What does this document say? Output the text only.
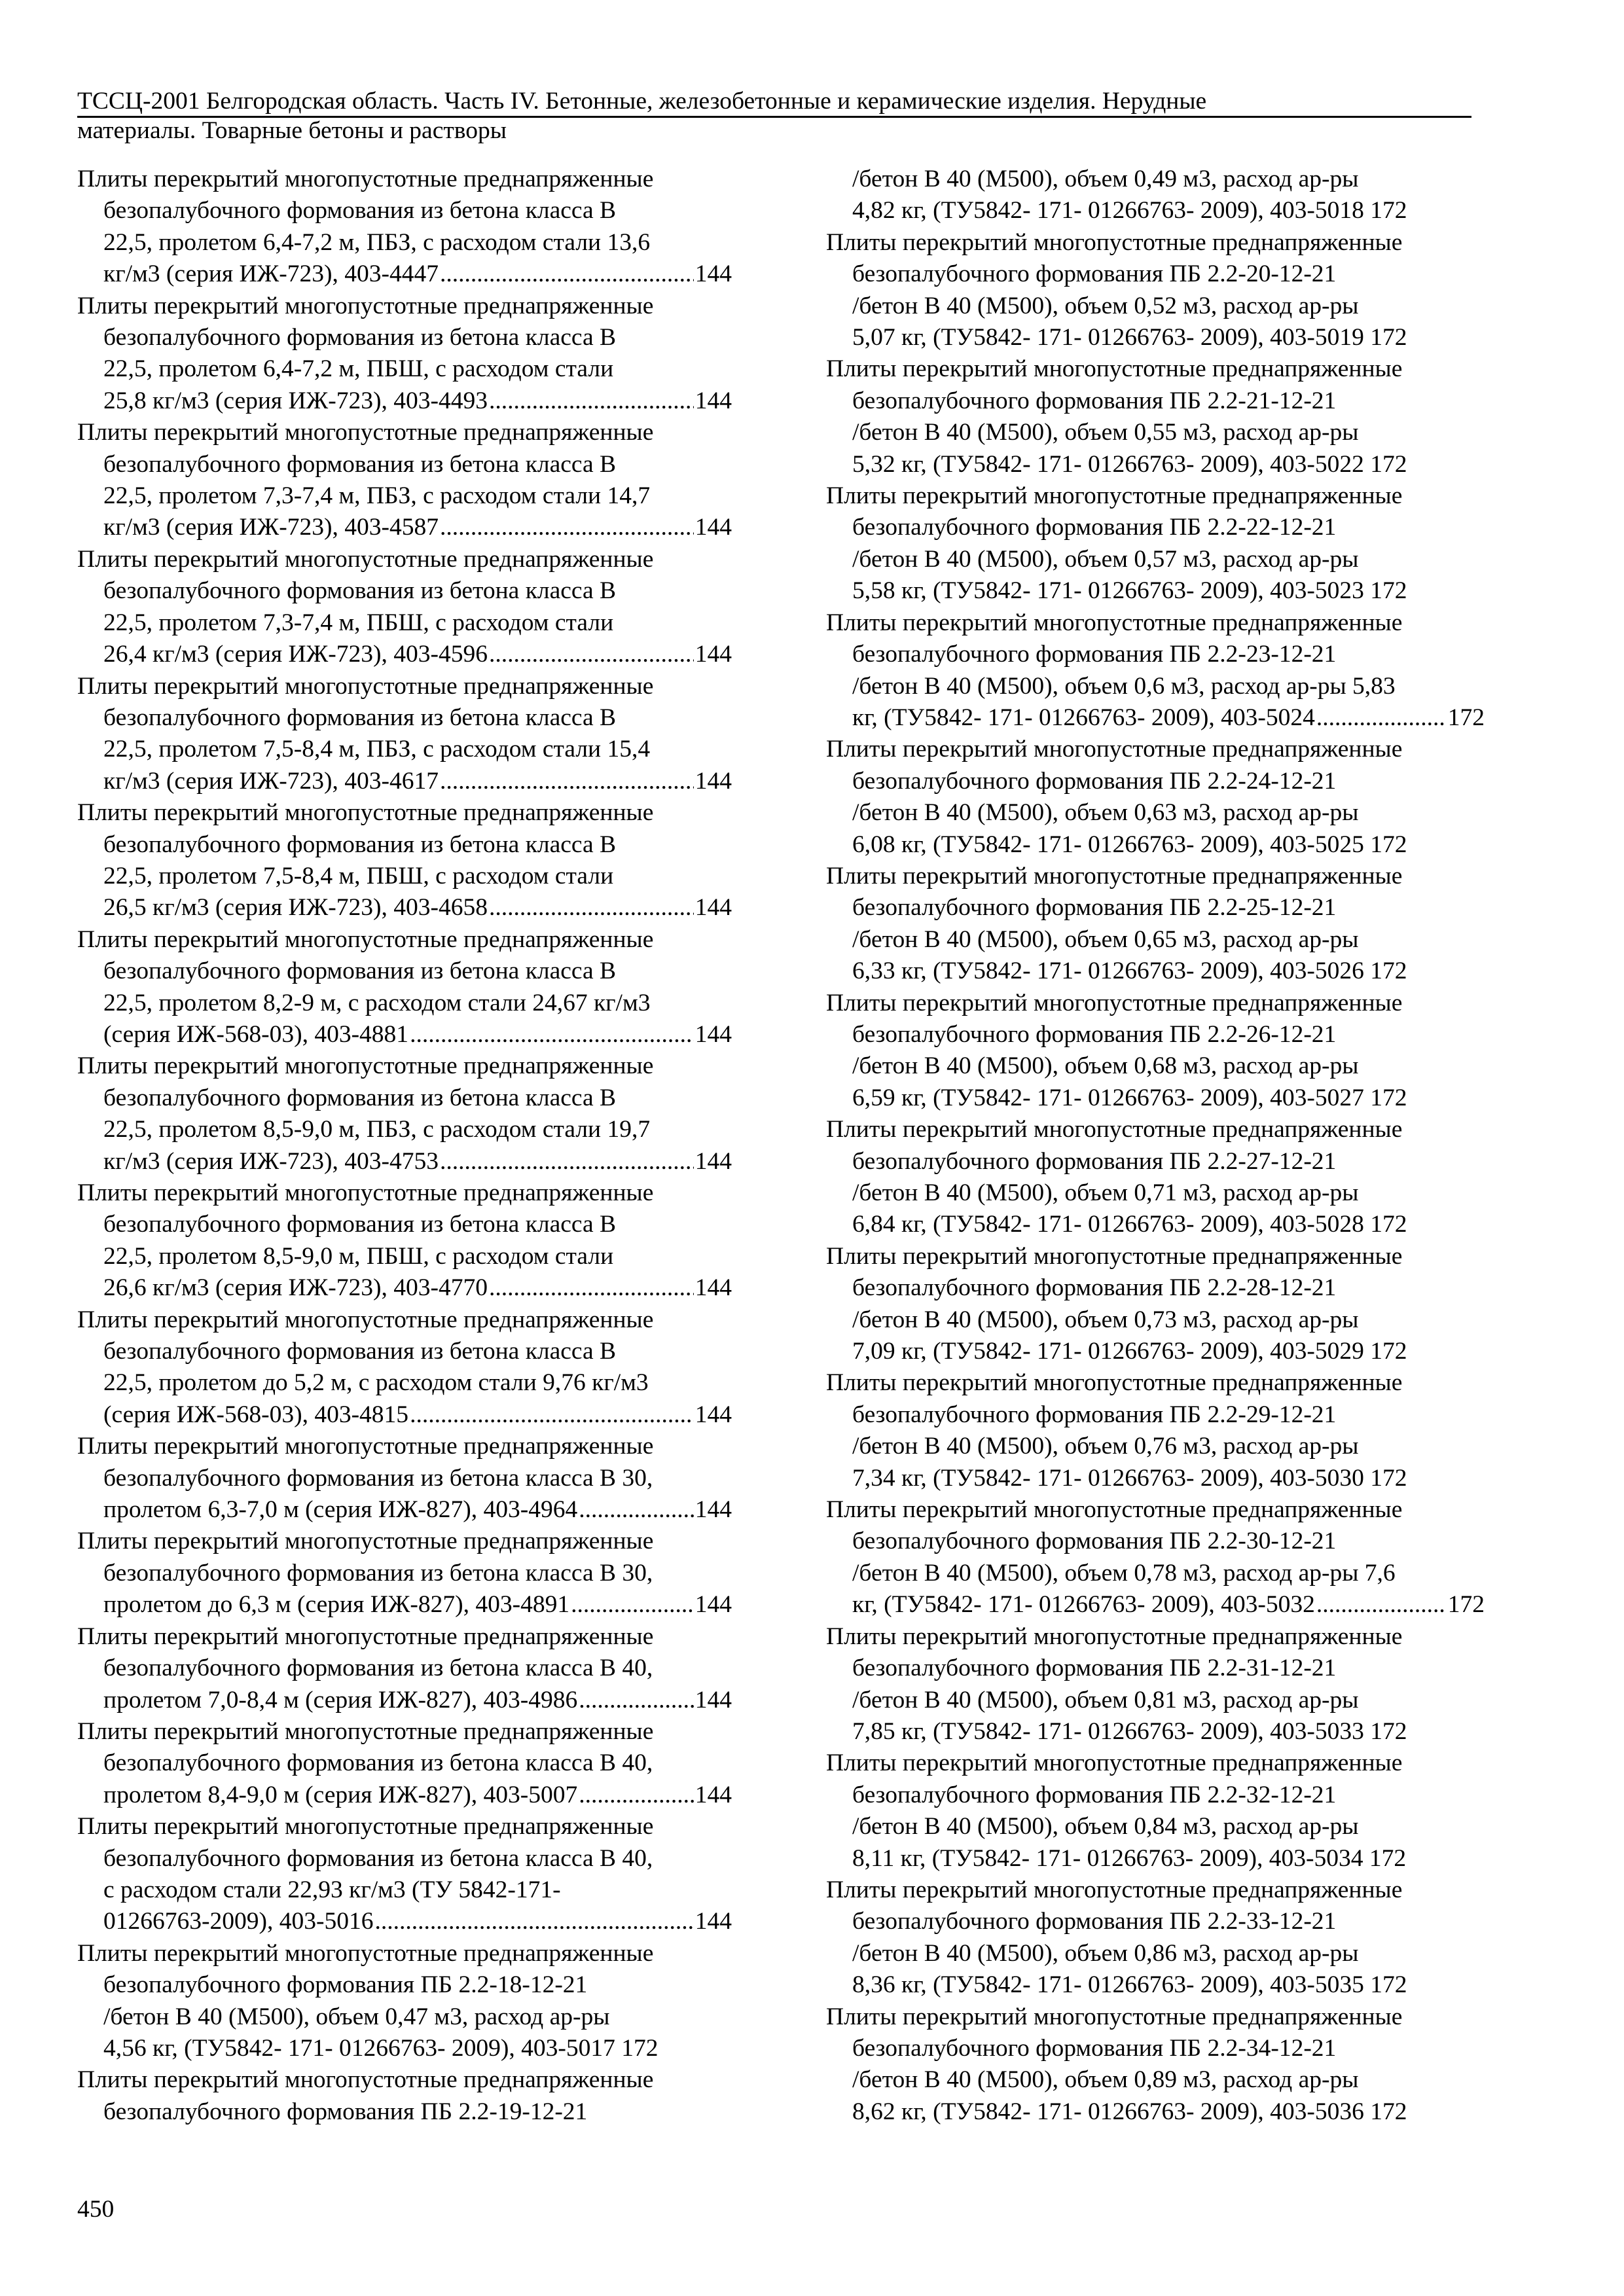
ТССЦ-2001 Белгородская область. Часть IV. Бетонные, железобетонные и керамические изделия. Нерудные
материалы. Товарные бетоны и растворы
Плиты перекрытий многопустотные преднапряженные
безопалубочного формования из бетона класса В
22,5, пролетом 6,4-7,2 м, ПБЗ, с расходом стали 13,6
кг/м3 (серия ИЖ-723), 403-4447 .....	144
Плиты перекрытий многопустотные преднапряженные
безопалубочного формования из бетона класса В
22,5, пролетом 6,4-7,2 м, ПБШ, с расходом стали
25,8 кг/м3 (серия ИЖ-723), 403-4493 .....	144
Плиты перекрытий многопустотные преднапряженные
безопалубочного формования из бетона класса В
22,5, пролетом 7,3-7,4 м, ПБЗ, с расходом стали 14,7
кг/м3 (серия ИЖ-723), 403-4587 .....	144
Плиты перекрытий многопустотные преднапряженные
безопалубочного формования из бетона класса В
22,5, пролетом 7,3-7,4 м, ПБШ, с расходом стали
26,4 кг/м3 (серия ИЖ-723), 403-4596 .....	144
Плиты перекрытий многопустотные преднапряженные
безопалубочного формования из бетона класса В
22,5, пролетом 7,5-8,4 м, ПБЗ, с расходом стали 15,4
кг/м3 (серия ИЖ-723), 403-4617 .....	144
Плиты перекрытий многопустотные преднапряженные
безопалубочного формования из бетона класса В
22,5, пролетом 7,5-8,4 м, ПБШ, с расходом стали
26,5 кг/м3 (серия ИЖ-723), 403-4658 .....	144
Плиты перекрытий многопустотные преднапряженные
безопалубочного формования из бетона класса В
22,5, пролетом 8,2-9 м, с расходом стали 24,67 кг/м3
(серия ИЖ-568-03), 403-4881 .....	144
Плиты перекрытий многопустотные преднапряженные
безопалубочного формования из бетона класса В
22,5, пролетом 8,5-9,0 м, ПБЗ, с расходом стали 19,7
кг/м3 (серия ИЖ-723), 403-4753 .....	144
Плиты перекрытий многопустотные преднапряженные
безопалубочного формования из бетона класса В
22,5, пролетом 8,5-9,0 м, ПБШ, с расходом стали
26,6 кг/м3 (серия ИЖ-723), 403-4770 .....	144
Плиты перекрытий многопустотные преднапряженные
безопалубочного формования из бетона класса В
22,5, пролетом до 5,2 м, с расходом стали 9,76 кг/м3
(серия ИЖ-568-03), 403-4815 .....	144
Плиты перекрытий многопустотные преднапряженные
безопалубочного формования из бетона класса В 30,
пролетом 6,3-7,0 м (серия ИЖ-827), 403-4964 .....	144
Плиты перекрытий многопустотные преднапряженные
безопалубочного формования из бетона класса В 30,
пролетом до 6,3 м (серия ИЖ-827), 403-4891 .....	144
Плиты перекрытий многопустотные преднапряженные
безопалубочного формования из бетона класса В 40,
пролетом 7,0-8,4 м (серия ИЖ-827), 403-4986 .....	144
Плиты перекрытий многопустотные преднапряженные
безопалубочного формования из бетона класса В 40,
пролетом 8,4-9,0 м (серия ИЖ-827), 403-5007 .....	144
Плиты перекрытий многопустотные преднапряженные
безопалубочного формования из бетона класса В 40,
с расходом стали 22,93 кг/м3 (ТУ 5842-171-
01266763-2009), 403-5016 .....	144
Плиты перекрытий многопустотные преднапряженные
безопалубочного формования ПБ 2.2-18-12-21
/бетон В 40 (М500), объем 0,47 м3, расход ар-ры
4,56 кг, (ТУ5842- 171- 01266763- 2009), 403-5017 172
Плиты перекрытий многопустотные преднапряженные
безопалубочного формования ПБ 2.2-19-12-21
/бетон В 40 (М500), объем 0,49 м3, расход ар-ры
4,82 кг, (ТУ5842- 171- 01266763- 2009), 403-5018 172
Плиты перекрытий многопустотные преднапряженные
безопалубочного формования ПБ 2.2-20-12-21
/бетон В 40 (М500), объем 0,52 м3, расход ар-ры
5,07 кг, (ТУ5842- 171- 01266763- 2009), 403-5019 172
Плиты перекрытий многопустотные преднапряженные
безопалубочного формования ПБ 2.2-21-12-21
/бетон В 40 (М500), объем 0,55 м3, расход ар-ры
5,32 кг, (ТУ5842- 171- 01266763- 2009), 403-5022 172
Плиты перекрытий многопустотные преднапряженные
безопалубочного формования ПБ 2.2-22-12-21
/бетон В 40 (М500), объем 0,57 м3, расход ар-ры
5,58 кг, (ТУ5842- 171- 01266763- 2009), 403-5023 172
Плиты перекрытий многопустотные преднапряженные
безопалубочного формования ПБ 2.2-23-12-21
/бетон В 40 (М500), объем 0,6 м3, расход ар-ры 5,83
кг, (ТУ5842- 171- 01266763- 2009), 403-5024 .....	172
Плиты перекрытий многопустотные преднапряженные
безопалубочного формования ПБ 2.2-24-12-21
/бетон В 40 (М500), объем 0,63 м3, расход ар-ры
6,08 кг, (ТУ5842- 171- 01266763- 2009), 403-5025 172
Плиты перекрытий многопустотные преднапряженные
безопалубочного формования ПБ 2.2-25-12-21
/бетон В 40 (М500), объем 0,65 м3, расход ар-ры
6,33 кг, (ТУ5842- 171- 01266763- 2009), 403-5026 172
Плиты перекрытий многопустотные преднапряженные
безопалубочного формования ПБ 2.2-26-12-21
/бетон В 40 (М500), объем 0,68 м3, расход ар-ры
6,59 кг, (ТУ5842- 171- 01266763- 2009), 403-5027 172
Плиты перекрытий многопустотные преднапряженные
безопалубочного формования ПБ 2.2-27-12-21
/бетон В 40 (М500), объем 0,71 м3, расход ар-ры
6,84 кг, (ТУ5842- 171- 01266763- 2009), 403-5028 172
Плиты перекрытий многопустотные преднапряженные
безопалубочного формования ПБ 2.2-28-12-21
/бетон В 40 (М500), объем 0,73 м3, расход ар-ры
7,09 кг, (ТУ5842- 171- 01266763- 2009), 403-5029 172
Плиты перекрытий многопустотные преднапряженные
безопалубочного формования ПБ 2.2-29-12-21
/бетон В 40 (М500), объем 0,76 м3, расход ар-ры
7,34 кг, (ТУ5842- 171- 01266763- 2009), 403-5030 172
Плиты перекрытий многопустотные преднапряженные
безопалубочного формования ПБ 2.2-30-12-21
/бетон В 40 (М500), объем 0,78 м3, расход ар-ры 7,6
кг, (ТУ5842- 171- 01266763- 2009), 403-5032 .....	172
Плиты перекрытий многопустотные преднапряженные
безопалубочного формования ПБ 2.2-31-12-21
/бетон В 40 (М500), объем 0,81 м3, расход ар-ры
7,85 кг, (ТУ5842- 171- 01266763- 2009), 403-5033 172
Плиты перекрытий многопустотные преднапряженные
безопалубочного формования ПБ 2.2-32-12-21
/бетон В 40 (М500), объем 0,84 м3, расход ар-ры
8,11 кг, (ТУ5842- 171- 01266763- 2009), 403-5034 172
Плиты перекрытий многопустотные преднапряженные
безопалубочного формования ПБ 2.2-33-12-21
/бетон В 40 (М500), объем 0,86 м3, расход ар-ры
8,36 кг, (ТУ5842- 171- 01266763- 2009), 403-5035 172
Плиты перекрытий многопустотные преднапряженные
безопалубочного формования ПБ 2.2-34-12-21
/бетон В 40 (М500), объем 0,89 м3, расход ар-ры
8,62 кг, (ТУ5842- 171- 01266763- 2009), 403-5036 172
450
